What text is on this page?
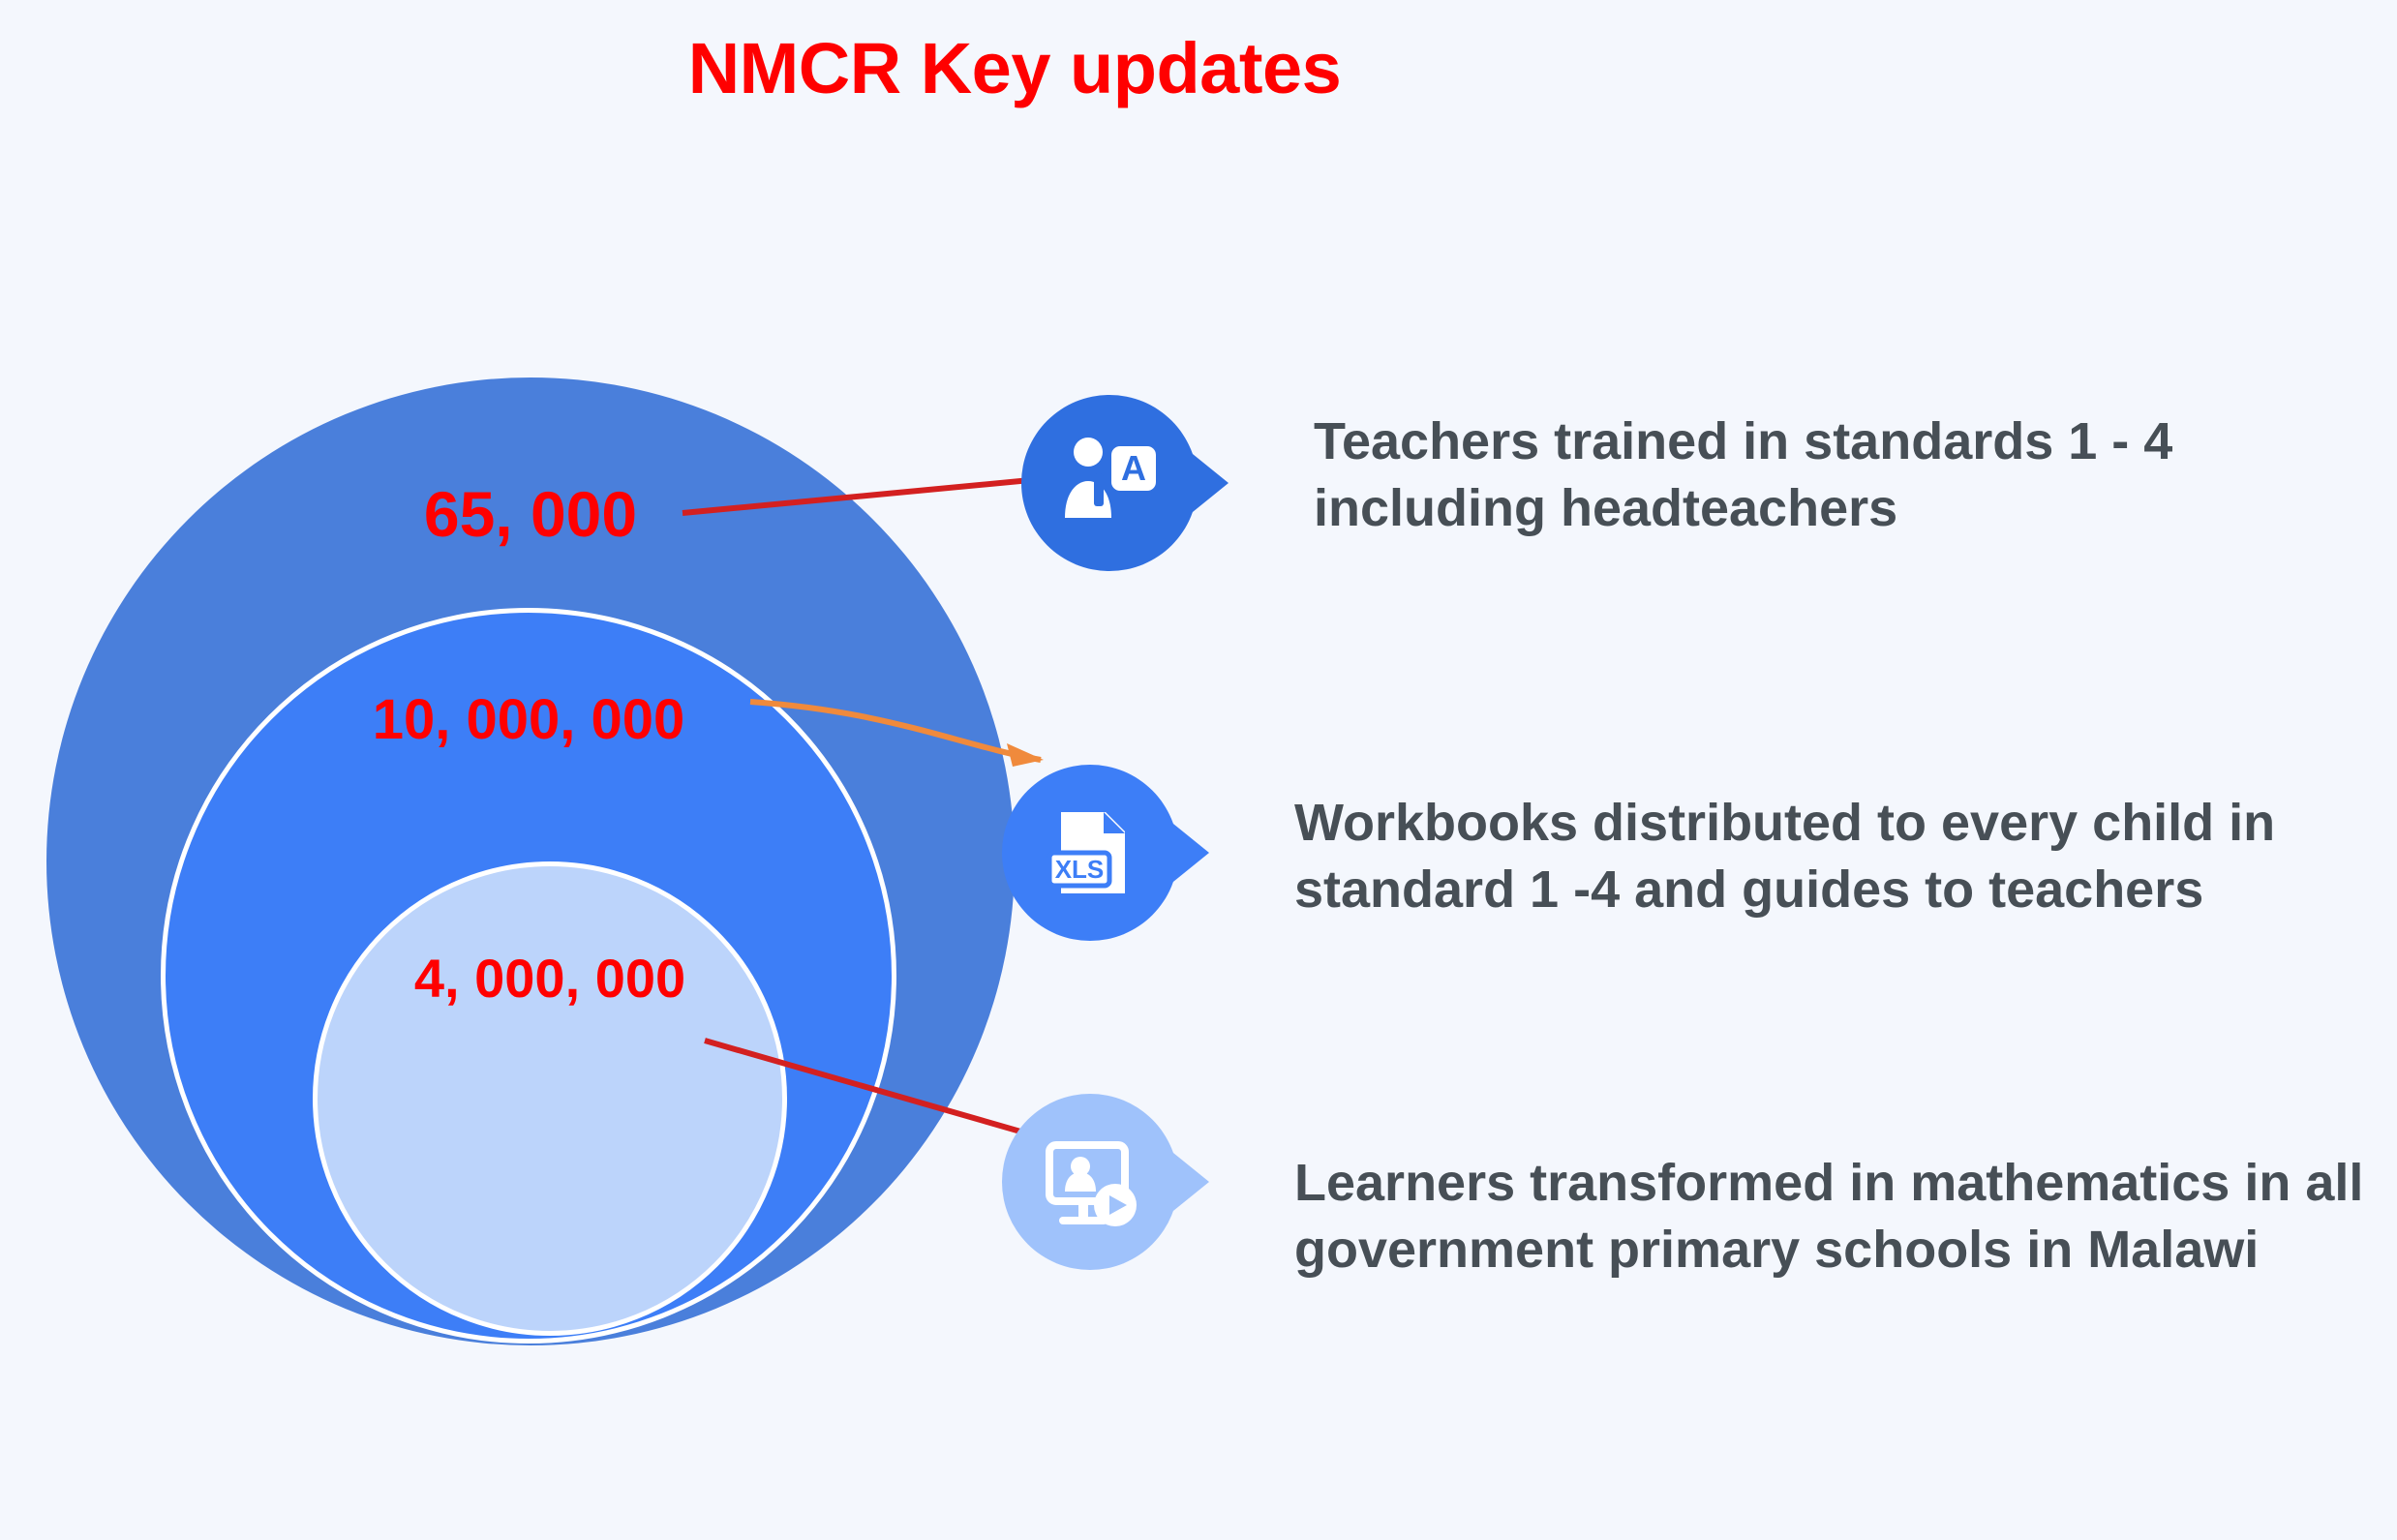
NMCR Key updates
65, 000
10, 000, 000
4, 000, 000
A	Teachers trained in standards 1 - 4 including headteachers
XLS
Workbooks distributed to every child in standard 1 -4 and guides to teachers
Learners transformed in mathematics in all government primary schools in Malawi
